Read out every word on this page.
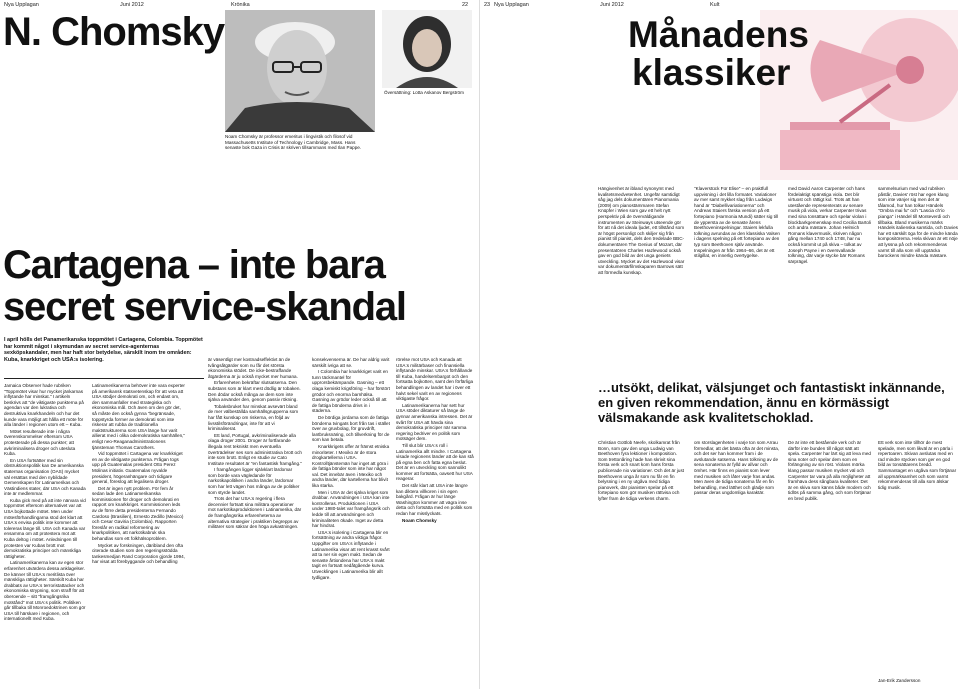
Nya Upplagan	Juni 2012	Krönika	22
N. Chomsky
Noam Chomsky är professor emeritus i lingvistik och filosof vid Massachusetts Institute of Technology i Cambridge, Mass. Hans senaste bok Gaza in Crisis är skriven tillsammans med Ilan Pappe.
Översättning: Lotta Askanov Bergström
Cartagena – inte bara
secret service-skandal
I april hölls det Panamerikanska toppmötet i Cartagena, Colombia. Toppmötet har kommit något i skymundan av secret service-agenternas sexköpskandaler, men har haft stor betydelse, särskilt inom tre områden: Kuba, knarkkriget och USA:s isolering.

Jamaica Observer hade rubriken "Toppmötet visar hur mycket jänkarnas inflytande har minskat." I artikeln beskrivs att "de viktigaste punkterna på agendan var den lukrativa och destruktiva knarkhandeln och hur det kunde vara möjligt att hålla ett möte för alla länder i regionen utom ett – Kuba.

Mötet resulterade inte i några överenskommelser eftersom USA protesterade på dessa punkter; att avkriminalisera droger och utesluta Kuba.

En USA fortsätter med sin obstruktionspolitik kan De amerikanska staternas organisation (OAS) mycket väl ersättas med den nybildade Gemenskapen för Latinamerikas och Västindiens stater, där USA och Kanada inte är medlemmar.

Kuba gick med på att inte närvara vid toppmötet eftersom alternativet var att USA bojkottade mötet. Men under mötesförhandlingarna stod det klart att USA:s envisa politik inte kommer att tolereras länge till. USA och Kanada var ensamma om att protestera mot att Kuba deltog i mötet. Anledningen till protesten var Kubas brott mot demokratiska principer och mänskliga rättigheter.

Latinamerikanerna kan av egen stor erfarenhet utvärdera dessa anklagelser. De känner till USA:s meritlista över mänskliga rättigheter. Särskilt Kuba har drabbats av USA:s terroristattacker och ekonomiska strypning, som straff för att oberoende – sitt "framgångsrika motstånd" mot USA:s politik. Politiken går tillbaka till Monroedoktrinen som gör USA till härskare i regionen, och internationellt med Kuba.

Latinamerikanerna behöver inte vara experter på amerikansk statsvetenskap för att veta att USA stödjer demokrati om, och endast om, den sammanfaller med strategiska och ekonomiska mål. Och även om den gör det, så måste den också gynna "begränsade, toppstyrda former av demokrati som inte riskerar att rubba de traditionella maktstrukturerna som USA länge har varit allierat med i olika odemokratiska samhällen," enligt neo-Reaganadministrationens tjänsteman Thomas Carothers.

Vid toppmötet i Cartagena var knarkkriget en av de viktigaste punkterna. Frågan togs upp på Guatemalas president Otto Perez Molinas initiativ. Guatemalas nyvalde president, högeranhängare och tidigare general, föreslog att legalisera droger.

Det är ingen nytt problem. För fem år sedan lade den Latinamerikanska kommissionen för droger och demokrati en rapport om knarkkriget. Kommissionen leds av de förre detta presidenterna Fernando Cardoso (Brasilien), Ernesto Zedillo (Mexico) och Cesar Gaviria (Colombia). Rapporten föreslår en radikal reformering av knarkpolitiken, att narkotikabruk ska behandlas som ett folkhälsoproblem.

Mycket av forskningen, däribland den ofta citerade studien som den regeringsstödda tankesmedjan Rand Corporation gjorde 1994, har visat att förebyggande och behandling

är väsentligt mer kostnadseffektivt än de tvångsåtgärder som nu får det största ekonomiska stödet. De icke-bestraffande åtgärderna är ju också mycket mer humana.

Erfarenheten bekräftar slutsatserna. Den substans som är klart mest dödlig är tobaken. Den dödar också många av dem som inte själva använder den, genom passiv rökning.

Tobaksbruket har minskat avsevärt bland de mer välbeställda samhällsgrupperna som har fått kunskap om riskerna, en följd av livsstilsförändringar, inte för att vi kriminaliserat.

Ett land, Portugal, avkriminaliserade alla olaga droger 2001. Droger är fortfarande illegala rent tekniskt men eventuella överträdelser ses som administrativa brott och inte som brott. Enligt en studie av Cato Institute resultatet är "en fantastisk framgång."

I framgången ligger självklart lärdomar som borde vara vägledande för narkotikapolitiken i andra länder, lärdomar som har lett vägen hos många av de politiker som styrde landet.

Trots det har USA:s regering i flera decennier fortsatt sina militära operationer mot narkotikaproduktionen i Latinamerika, där de framgångsrika erfarenheterna av alternativa strategier i praktiken begrepps av militärer som säkrar den höga avkastningen.

konsekvenserna är. De har aldrig varit särskilt ivriga att se.

I Colombia har knarkkriget varit en tunn täckmantel för upprorsbekämpande. Gasning – ett olaga kemiskt krigsföring – har förstört grödor och enorma barnhälsa. Gasning av grödor leder också till att de fattiga bönderna drivs in i städerna.

De bördiga jordarna som de fattiga bönderna tvingats bort från tas i stället över av gruvbolag, för gruvdrift, lantbruksnäring, och tillverkning för de som kan betala.

Knarkkrigets offer är främst etniska minoriteter. I Mexiko är de stora drogkartellerna i USA. Kontrolltjänstemän har inget att göra i de fattiga bönder som inte har något val. Det innebär även i Mexiko och andra länder, där kartellerna har blivit lika starka.

Men i USA är det själva kriget som drabbar. Användningen i USA kan inte kontrolleras. Produktionen i USA under 1980-talet var framgångsrik och ledde till att användningen och kriminaliteten ökade. Inget av detta har hindrat.

USA:s isolering i Cartagena blir en fortsättning av andra viktiga frågor. Uppgifter om USA:s inflytande i Latinamerika visar att rent krasst svårt att ta ner sin egen makt. Sedan de senaste årtiondena har USA:s makt tagit en fortsatt nedåtgående kurva. Utvecklingen i Latinamerika blir allt tydligare.

rörelse mot USA och Kanada att USA:s militärbaser och finansiella inflytande minskar. USA:s förhållande till Kuba, handelsembargot och den fortsatta bojkotten, samt den förfärliga behandlingen av landet har i över ett halvt sekel varit en av regionens viktigaste frågor.

Latinamerikanerna har sett hur USA stöder diktaturer så länge de gynnar amerikanska intressen. Det är svårt för USA att hävda sina demokratiska principer när samma regering bedriver en politik som motsäger dem.

Till slut blir USA:s roll i Latinamerika allt mindre. I Cartagena visade regionens länder att de kan stå på egna ben och fatta egna beslut. Det är en utveckling som sannolikt kommer att fortsätta, oavsett hur USA reagerar.

Det står klart att USA inte längre kan diktera villkoren i sin egen bakgård. Frågan är hur länge Washington kommer att vägra inse detta och fortsätta med en politik som redan har misslyckats.

Noam Chomsky

23 Nya Upplagan	Juni 2012	Kult
Månadens
klassiker

Hängivenhet är ibland synonymt med kvalitetsmedvetenhet. Ungefär samtidigt såg jag dels dokumentären Pianomania (2009) om pianostämmaren Stefan Knüpfer i Wien som gav ett helt nytt perspektiv på de överväldigande instrumenten av Steinways utseende gör för att nå det ideala ljudet, ett tillstånd som är högst personligt och skiljer sig från pianist till pianist, dels den tredelade BBC-dokumentären The Genius of Mozart, där presentatören Charles Hazlewood också gav en god bild av det unga geniets utveckling. Mycket av det Hazlewood visar var dokumentärfilmskaparen Barrows sätt att förmedla kunskap.

"Klaverstück Für Elise" – en praktfull uppvisning i det lilla formatet. Variationer av mer samt mykket slag från Ludwigs hand är "Diabellivariationerna" och Andreas Staiers färska version på ett fortepiano (Harmonia Mundi) sätter sig till de yppersta av de senaste årens Beethoveninspelningar. Staiers lekfulla tolkning avrundas av den klassiska Valsen i dagens spelning på ett fortepiano av den typ som Beethoven själv använde. Inspelningen är från 1964–66, det är ett stilgillat, en innerlig övertygelse.

med David Aaron Carpenter och hans fördelaktigt spänstiga viola. Det blir virtuost och rättigt kul. Trots att han utestående representerats av senare musik på viola, verkar Carpenter trivas med sina tonsättare och spelar violan i blockbarkgemenskap med Cecilia Bartoli och andra mästare. Johan Helmich Romans klavermusik, skriven någon gång mellan 1740 och 1748, har nu också kommit ut på skiva – tolkat av Joseph Payne i en översvallande tolkning, där varje stycke bär Romans särprägel.

sammelsurium med vad rubriken påstår, Davies' röst har egen klang som inte vänjer sig men det är tålamod, hur han tolkar Händels "Ombra mai fu" och "Lascia ch'io pianga" i Händel till Monteverdi och tillbaka. Bland musikerna märks Händels italienska samtida, och Davies har ett särskilt öga för de mindre kända kompositörerna. Hela skivan är ett nöje att lyssna på och rekommenderas varmt till alla som vill upptäcka barockens mindre kända mästare.

…utsökt, delikat, välsjunget och fantastiskt inkännande, en given rekommendation, ännu en körmässigt välsmakande ask kvalitetschoklad.

Christian Gottlob Neefe, skolkamrat från Bonn, som gav den unga Ludwig van Beethoven fyra lektioner i komposition. Som trettonåring hade han skrivit sina första verk och snart kom hans första publicerade nio variationer. Och det är just Beethovens unga år som nu får en fin belysning i en ny utgåva med tidiga pianoverk, där pianisten spelar på ett fortepiano som gör musiken rättvisa och lyfter fram de tidiga verkens charm.

om storslagenheten i varje ton som Arrau förmedlar, att det bästa ofta är det minsta, och det ser han kommer fram i de avslutande satserna. Hans tolkning av de sena sonaterna är fylld av allvar och ömhet. Här finns en pianist som lever med musiken och låter varje fras andas. Men även de tidiga sonaterna får en fin behandling, med lätthet och glädje som passar deras ungdomliga karaktär.

De är inte ett bestående verk och är därför inte bunden till något sätt att spela. Carpenter har lärt sig att leva med sina noter och spelar dem som en förlängning av sin röst. Violans mörka klang passar musiken mycket väl och Carpenter tar vara på alla möjligheter att framhäva dess sångbara kvaliteter. Det är en skiva som känns både modern och tidlös på samma gång, och som förtjänar en bred publik.

Ett verk som inte tillhör de mest spelade, men som likväl är en pärla i repertoaren. Skivan avslutas med en rad mindre stycken som ger en god bild av tonsättarens bredd. Sammantaget en utgåva som förtjänar all uppmärksamhet och som varmt rekommenderas till alla som älskar tidig musik.

Jan-Erik Zandersson
